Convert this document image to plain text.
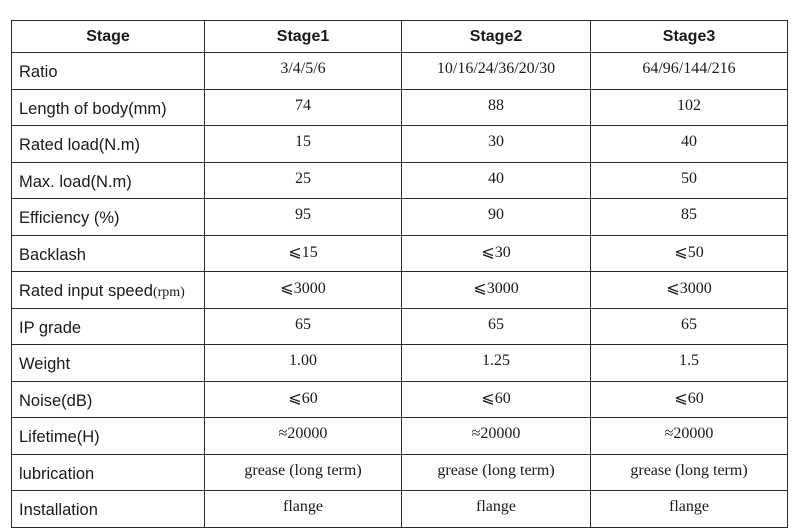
Stage	Stage1	Stage2	Stage3
Ratio	3/4/5/6	10/16/24/36/20/30	64/96/144/216
Length of body(mm)	74	88	102
Rated load(N.m)	15	30	40
Max. load(N.m)	25	40	50
Efficiency (%)	95	90	85
Backlash	⩽15	⩽30	⩽50
Rated input speed(rpm)	⩽3000	⩽3000	⩽3000
IP grade	65	65	65
Weight	1.00	1.25	1.5
Noise(dB)	⩽60	⩽60	⩽60
Lifetime(H)	≈20000	≈20000	≈20000
lubrication	grease (long term)	grease (long term)	grease (long term)
Installation	flange	flange	flange
